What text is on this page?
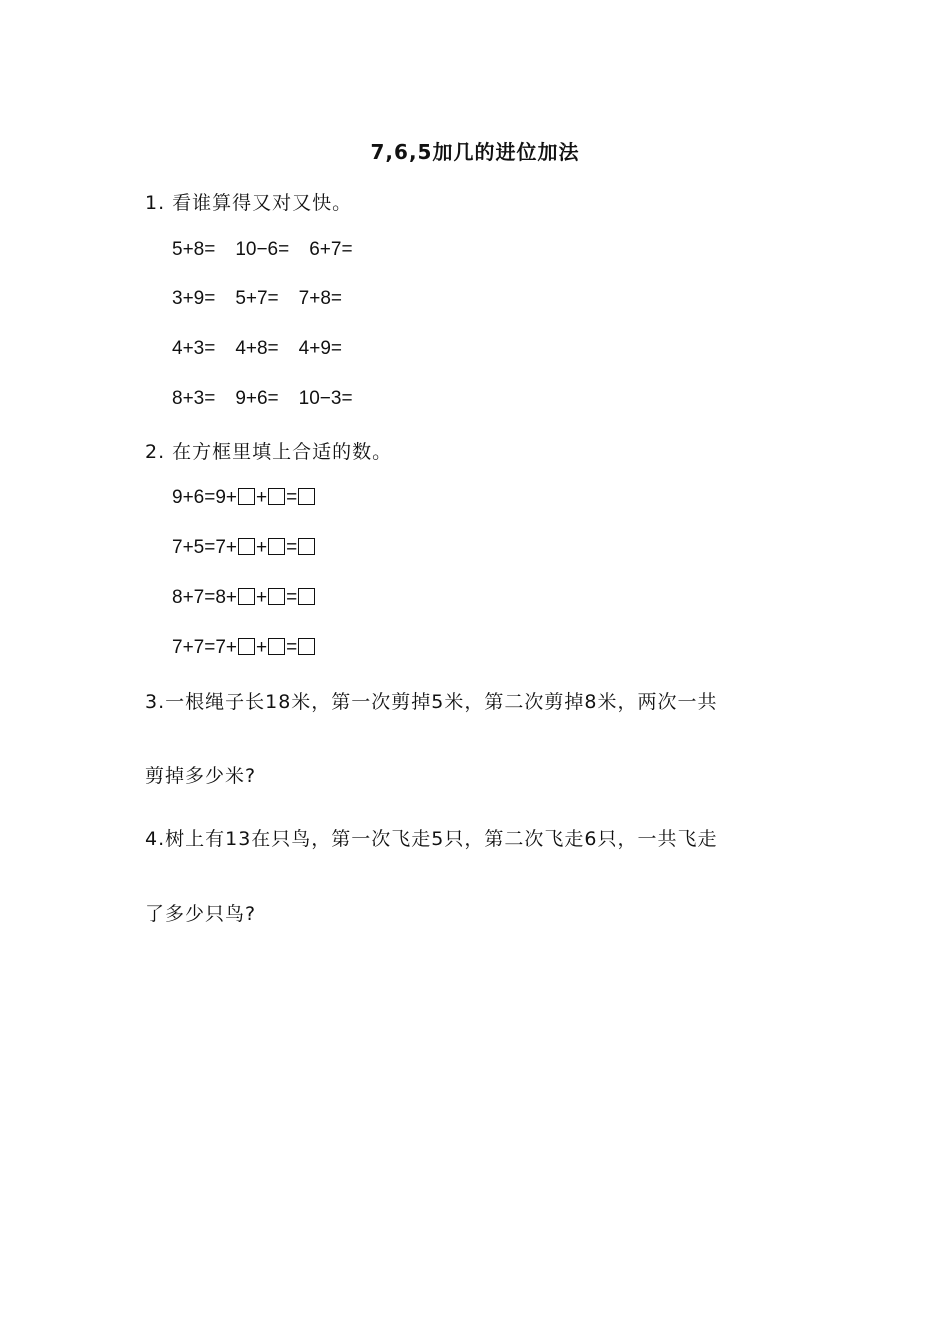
7,6,5加几的进位加法
1. 看谁算得又对又快。
5+8= 10−6= 6+7=
3+9= 5+7= 7+8=
4+3= 4+8= 4+9=
8+3= 9+6= 10−3=
2. 在方框里填上合适的数。
9+6=9+ + =
7+5=7+ + =
8+7=8+ + =
7+7=7+ + =
3.一根绳子长18米，第一次剪掉5米，第二次剪掉8米，两次一共
剪掉多少米?
4.树上有13在只鸟，第一次飞走5只，第二次飞走6只，一共飞走
了多少只鸟?
